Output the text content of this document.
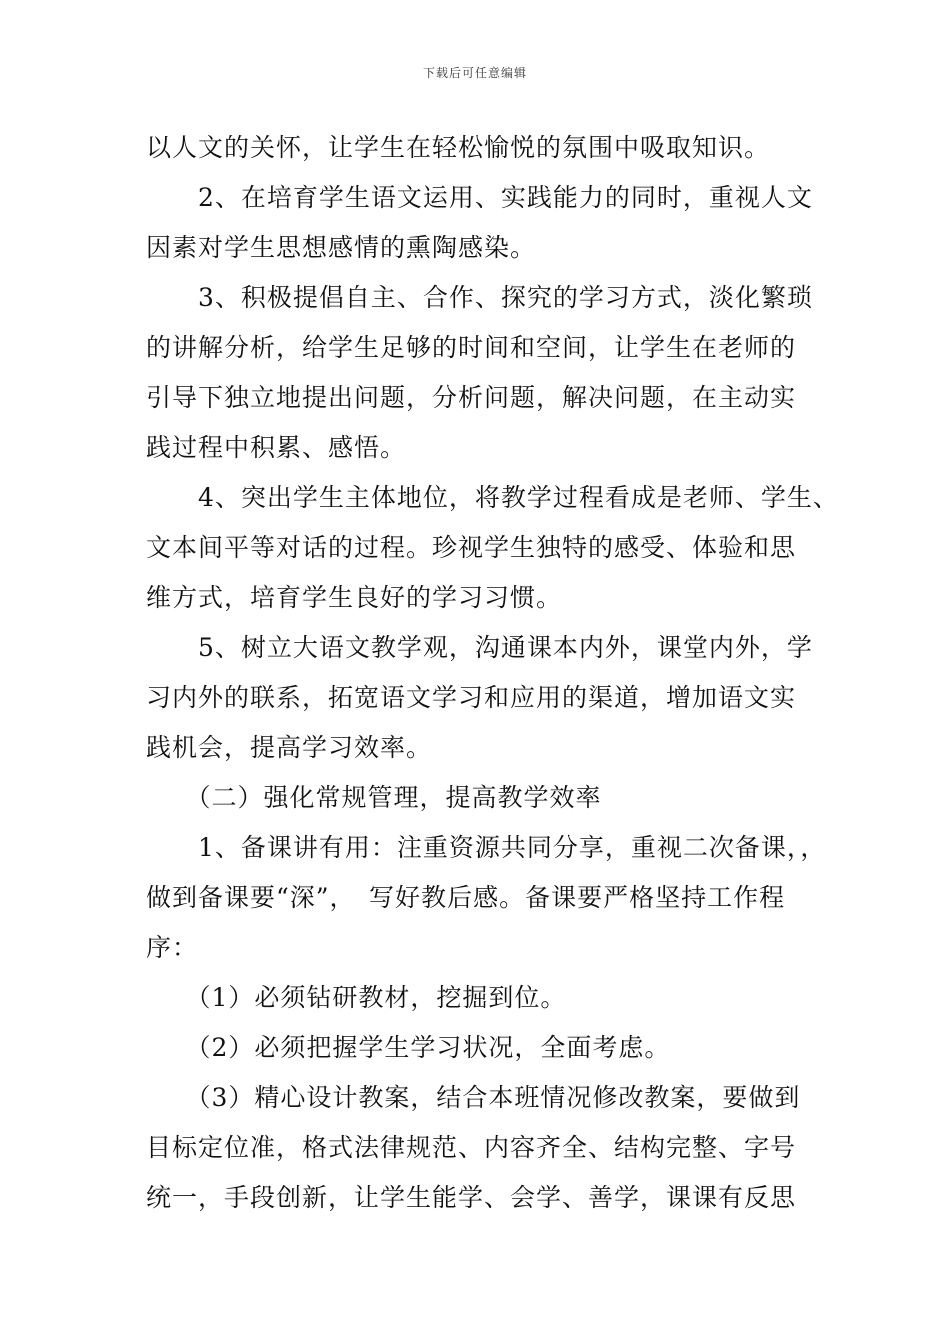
下载后可任意编辑
以人文的关怀，让学生在轻松愉悦的氛围中吸取知识。
　　2、在培育学生语文运用、实践能力的同时，重视人文
因素对学生思想感情的熏陶感染。
　　3、积极提倡自主、合作、探究的学习方式，淡化繁琐
的讲解分析，给学生足够的时间和空间，让学生在老师的
引导下独立地提出问题，分析问题，解决问题，在主动实
践过程中积累、感悟。
　　4、突出学生主体地位，将教学过程看成是老师、学生、
文本间平等对话的过程。珍视学生独特的感受、体验和思
维方式，培育学生良好的学习习惯。
　　5、树立大语文教学观，沟通课本内外，课堂内外，学
习内外的联系，拓宽语文学习和应用的渠道，增加语文实
践机会，提高学习效率。
　　（二）强化常规管理，提高教学效率
　　1、备课讲有用：注重资源共同分享，重视二次备课，，
做到备课要“深”，　写好教后感。备课要严格坚持工作程
序：
　　（1）必须钻研教材，挖掘到位。
　　（2）必须把握学生学习状况，全面考虑。
　　（3）精心设计教案，结合本班情况修改教案，要做到
目标定位准，格式法律规范、内容齐全、结构完整、字号
统一，手段创新，让学生能学、会学、善学，课课有反思
